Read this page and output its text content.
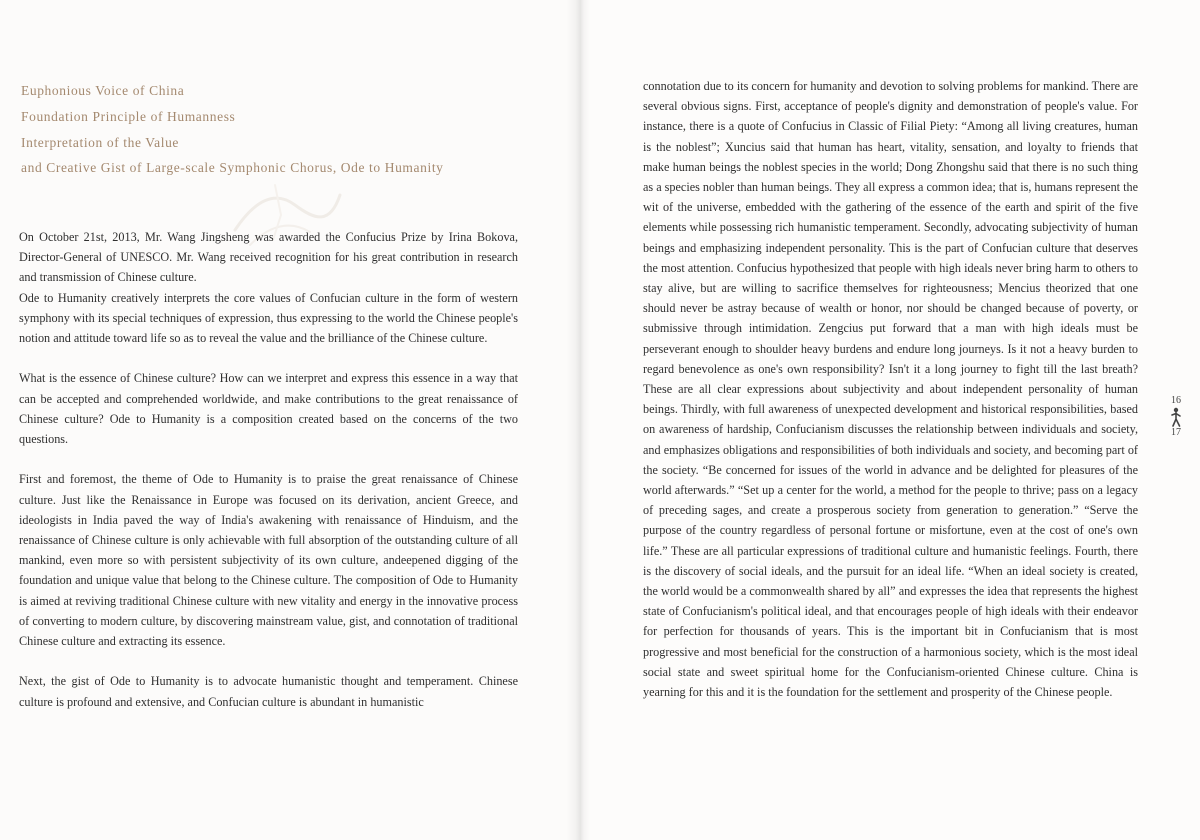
Euphonious Voice of China
Foundation Principle of Humanness
Interpretation of the Value
and Creative Gist of Large-scale Symphonic Chorus, Ode to Humanity

On October 21st, 2013, Mr. Wang Jingsheng was awarded the Confucius Prize by Irina Bokova, Director-General of UNESCO. Mr. Wang received recognition for his great contribution in research and transmission of Chinese culture.

Ode to Humanity creatively interprets the core values of Confucian culture in the form of western symphony with its special techniques of expression, thus expressing to the world the Chinese people's notion and attitude toward life so as to reveal the value and the brilliance of the Chinese culture.

What is the essence of Chinese culture? How can we interpret and express this essence in a way that can be accepted and comprehended worldwide, and make contributions to the great renaissance of Chinese culture? Ode to Humanity is a composition created based on the concerns of the two questions.

First and foremost, the theme of Ode to Humanity is to praise the great renaissance of Chinese culture. Just like the Renaissance in Europe was focused on its derivation, ancient Greece, and ideologists in India paved the way of India's awakening with renaissance of Hinduism, and the renaissance of Chinese culture is only achievable with full absorption of the outstanding culture of all mankind, even more so with persistent subjectivity of its own culture, andeepened digging of the foundation and unique value that belong to the Chinese culture. The composition of Ode to Humanity is aimed at reviving traditional Chinese culture with new vitality and energy in the innovative process of converting to modern culture, by discovering mainstream value, gist, and connotation of traditional Chinese culture and extracting its essence.

Next, the gist of Ode to Humanity is to advocate humanistic thought and temperament. Chinese culture is profound and extensive, and Confucian culture is abundant in humanistic

connotation due to its concern for humanity and devotion to solving problems for mankind. There are several obvious signs. First, acceptance of people's dignity and demonstration of people's value. For instance, there is a quote of Confucius in Classic of Filial Piety: “Among all living creatures, human is the noblest”; Xuncius said that human has heart, vitality, sensation, and loyalty to friends that make human beings the noblest species in the world; Dong Zhongshu said that there is no such thing as a species nobler than human beings. They all express a common idea; that is, humans represent the wit of the universe, embedded with the gathering of the essence of the earth and spirit of the five elements while possessing rich humanistic temperament. Secondly, advocating subjectivity of human beings and emphasizing independent personality. This is the part of Confucian culture that deserves the most attention. Confucius hypothesized that people with high ideals never bring harm to others to stay alive, but are willing to sacrifice themselves for righteousness; Mencius theorized that one should never be astray because of wealth or honor, nor should be changed because of poverty, or submissive through intimidation. Zengcius put forward that a man with high ideals must be perseverant enough to shoulder heavy burdens and endure long journeys. Is it not a heavy burden to regard benevolence as one's own responsibility? Isn't it a long journey to fight till the last breath? These are all clear expressions about subjectivity and about independent personality of human beings. Thirdly, with full awareness of unexpected development and historical responsibilities, based on awareness of hardship, Confucianism discusses the relationship between individuals and society, and emphasizes obligations and responsibilities of both individuals and society, and becoming part of the society. “Be concerned for issues of the world in advance and be delighted for pleasures of the world afterwards.” “Set up a center for the world, a method for the people to thrive; pass on a legacy of preceding sages, and create a prosperous society from generation to generation.” “Serve the purpose of the country regardless of personal fortune or misfortune, even at the cost of one's own life.” These are all particular expressions of traditional culture and humanistic feelings. Fourth, there is the discovery of social ideals, and the pursuit for an ideal life. “When an ideal society is created, the world would be a commonwealth shared by all” and expresses the idea that represents the highest state of Confucianism's political ideal, and that encourages people of high ideals with their endeavor for perfection for thousands of years. This is the important bit in Confucianism that is most progressive and most beneficial for the construction of a harmonious society, which is the most ideal social state and sweet spiritual home for the Confucianism-oriented Chinese culture. China is yearning for this and it is the foundation for the settlement and prosperity of the Chinese people.

16
17
